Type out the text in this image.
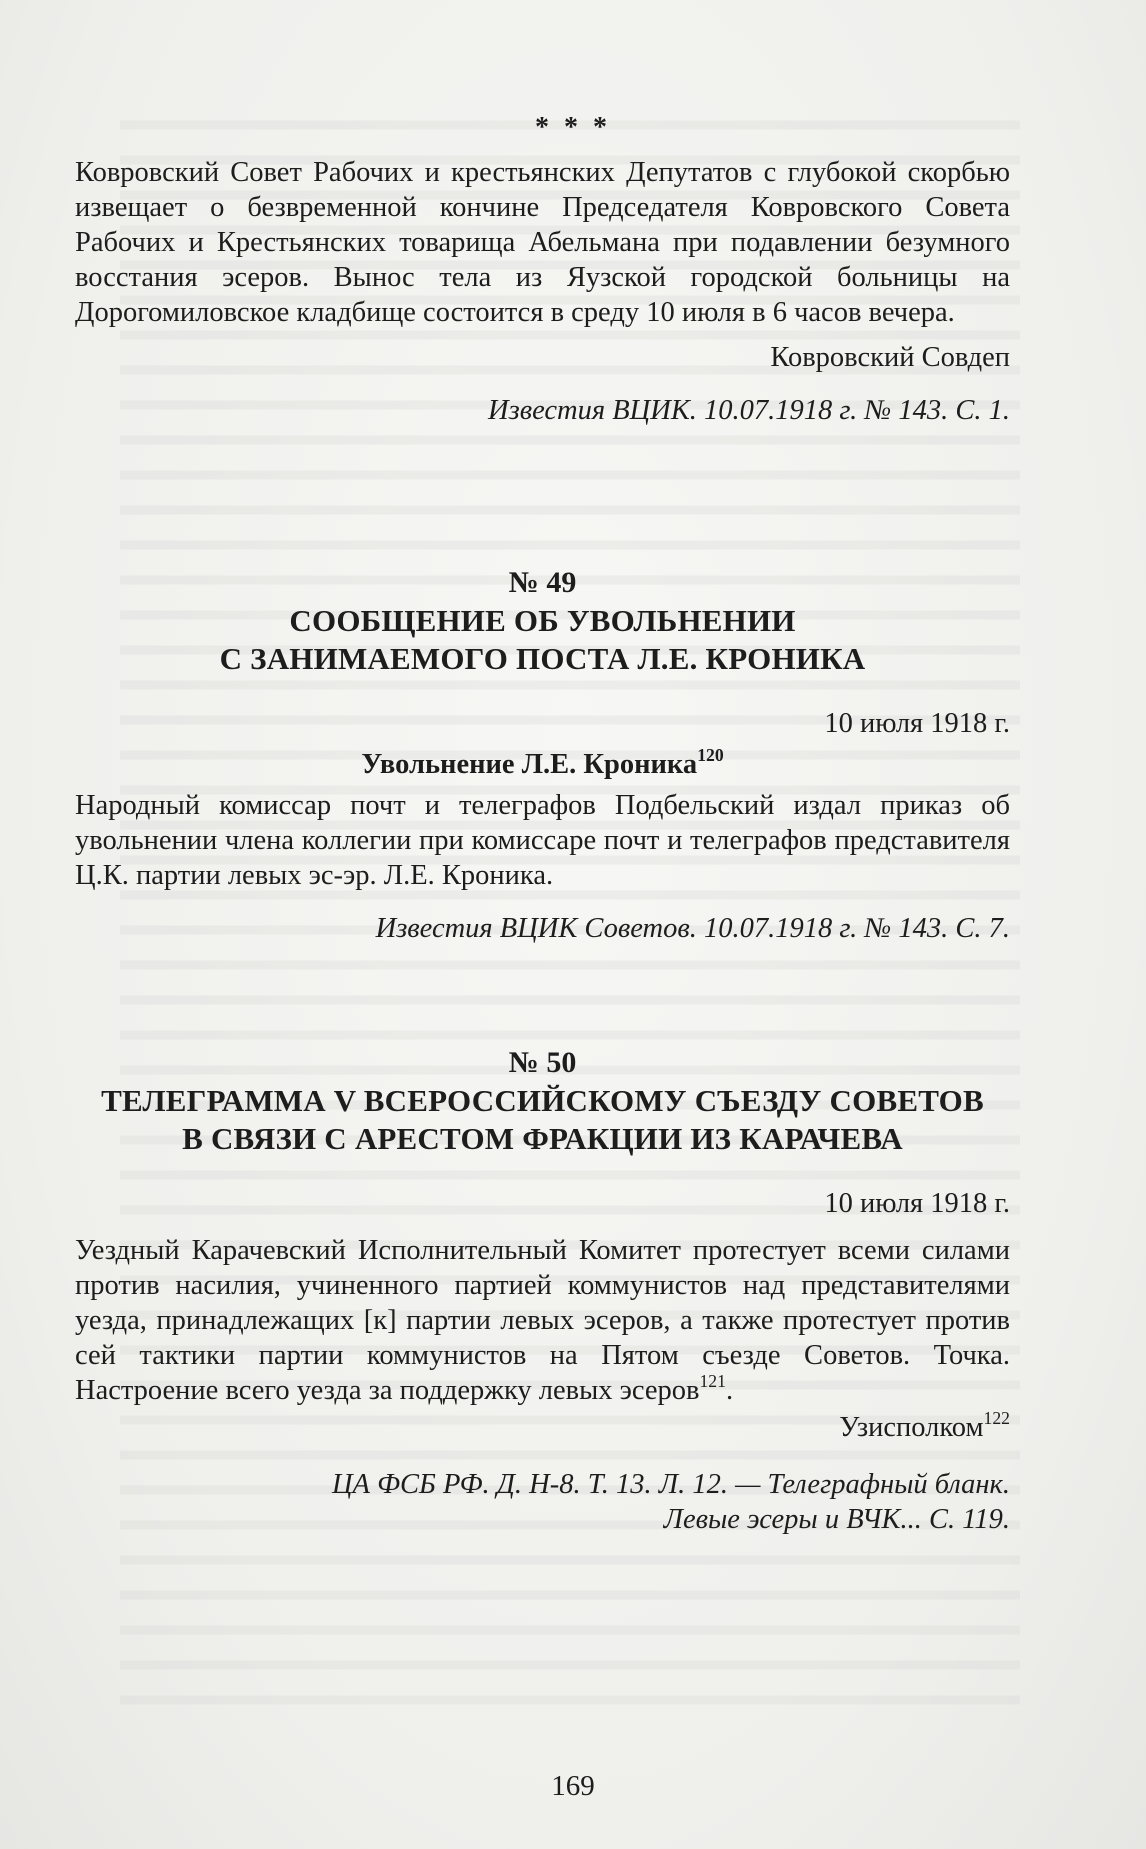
* * *

Ковровский Совет Рабочих и крестьянских Депутатов с глубокой скорбью извещает о безвременной кончине Председателя Ковровского Совета Рабочих и Крестьянских товарища Абельмана при подавлении безумного восстания эсеров. Вынос тела из Яузской городской больницы на Дорогомиловское кладбище состоится в среду 10 июля в 6 часов вечера.

Ковровский Совдеп

Известия ВЦИК. 10.07.1918 г. № 143. С. 1.

№ 49

СООБЩЕНИЕ ОБ УВОЛЬНЕНИИ

С ЗАНИМАЕМОГО ПОСТА Л.Е. КРОНИКА

10 июля 1918 г.

Увольнение Л.Е. Кроника$^{120}$

Народный комиссар почт и телеграфов Подбельский издал приказ об увольнении члена коллегии при комиссаре почт и телеграфов представителя Ц.К. партии левых эс-эр. Л.Е. Кроника.

Известия ВЦИК Советов. 10.07.1918 г. № 143. С. 7.

№ 50

ТЕЛЕГРАММА V ВСЕРОССИЙСКОМУ СЪЕЗДУ СОВЕТОВ

В СВЯЗИ С АРЕСТОМ ФРАКЦИИ ИЗ КАРАЧЕВА

10 июля 1918 г.

Уездный Карачевский Исполнительный Комитет протестует всеми силами против насилия, учиненного партией коммунистов над представителями уезда, принадлежащих [к] партии левых эсеров, а также протестует против сей тактики партии коммунистов на Пятом съезде Советов. Точка. Настроение всего уезда за поддержку левых эсеров$^{121}$.

Узисполком$^{122}$

ЦА ФСБ РФ. Д. Н-8. Т. 13. Л. 12. — Телеграфный бланк.

Левые эсеры и ВЧК... С. 119.

169
